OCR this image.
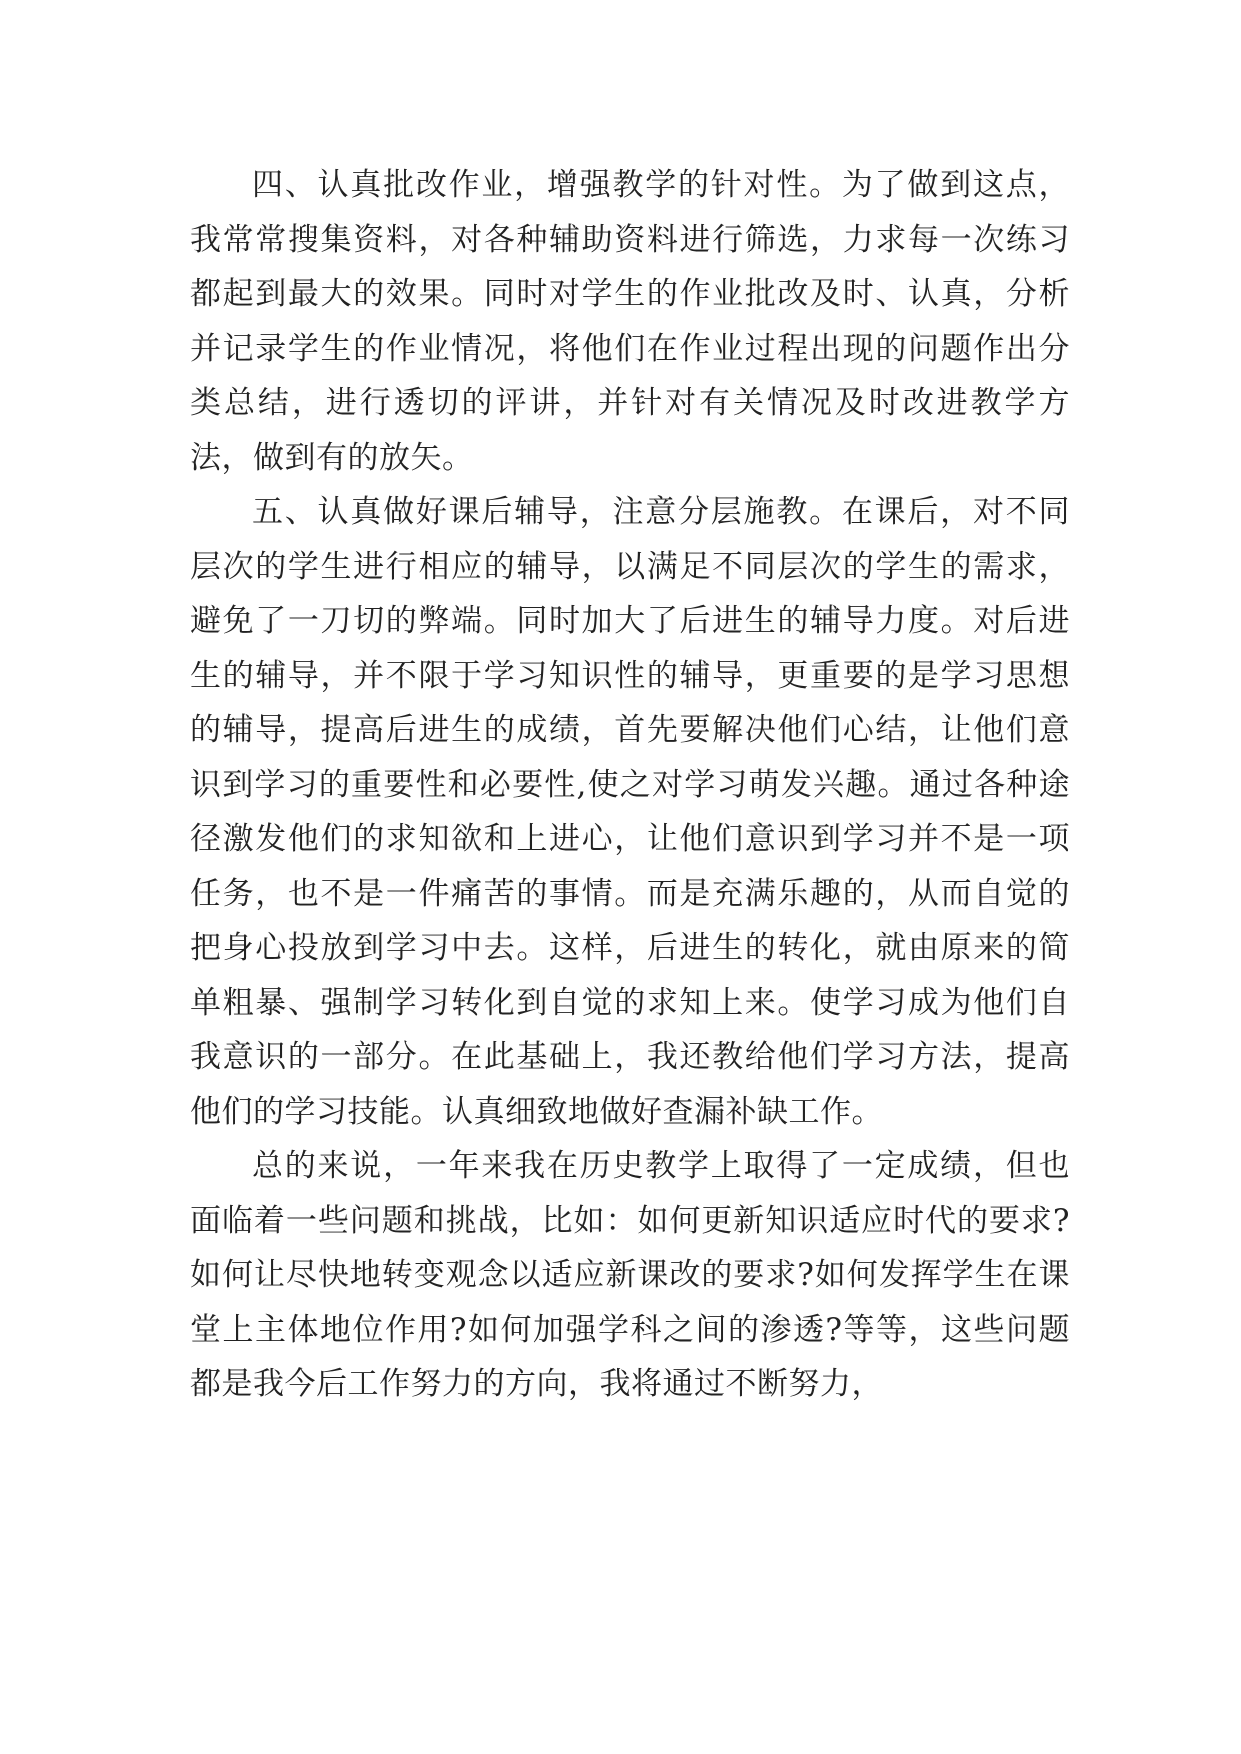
四、认真批改作业，增强教学的针对性。为了做到这点，我常常搜集资料，对各种辅助资料进行筛选，力求每一次练习都起到最大的效果。同时对学生的作业批改及时、认真，分析并记录学生的作业情况，将他们在作业过程出现的问题作出分类总结，进行透切的评讲，并针对有关情况及时改进教学方法，做到有的放矢。

五、认真做好课后辅导，注意分层施教。在课后，对不同层次的学生进行相应的辅导，以满足不同层次的学生的需求，避免了一刀切的弊端。同时加大了后进生的辅导力度。对后进生的辅导，并不限于学习知识性的辅导，更重要的是学习思想的辅导，提高后进生的成绩，首先要解决他们心结，让他们意识到学习的重要性和必要性,使之对学习萌发兴趣。通过各种途径激发他们的求知欲和上进心，让他们意识到学习并不是一项任务，也不是一件痛苦的事情。而是充满乐趣的，从而自觉的把身心投放到学习中去。这样，后进生的转化，就由原来的简单粗暴、强制学习转化到自觉的求知上来。使学习成为他们自我意识的一部分。在此基础上，我还教给他们学习方法，提高他们的学习技能。认真细致地做好查漏补缺工作。

总的来说，一年来我在历史教学上取得了一定成绩，但也面临着一些问题和挑战，比如：如何更新知识适应时代的要求?如何让尽快地转变观念以适应新课改的要求?如何发挥学生在课堂上主体地位作用?如何加强学科之间的渗透?等等，这些问题都是我今后工作努力的方向，我将通过不断努力，
